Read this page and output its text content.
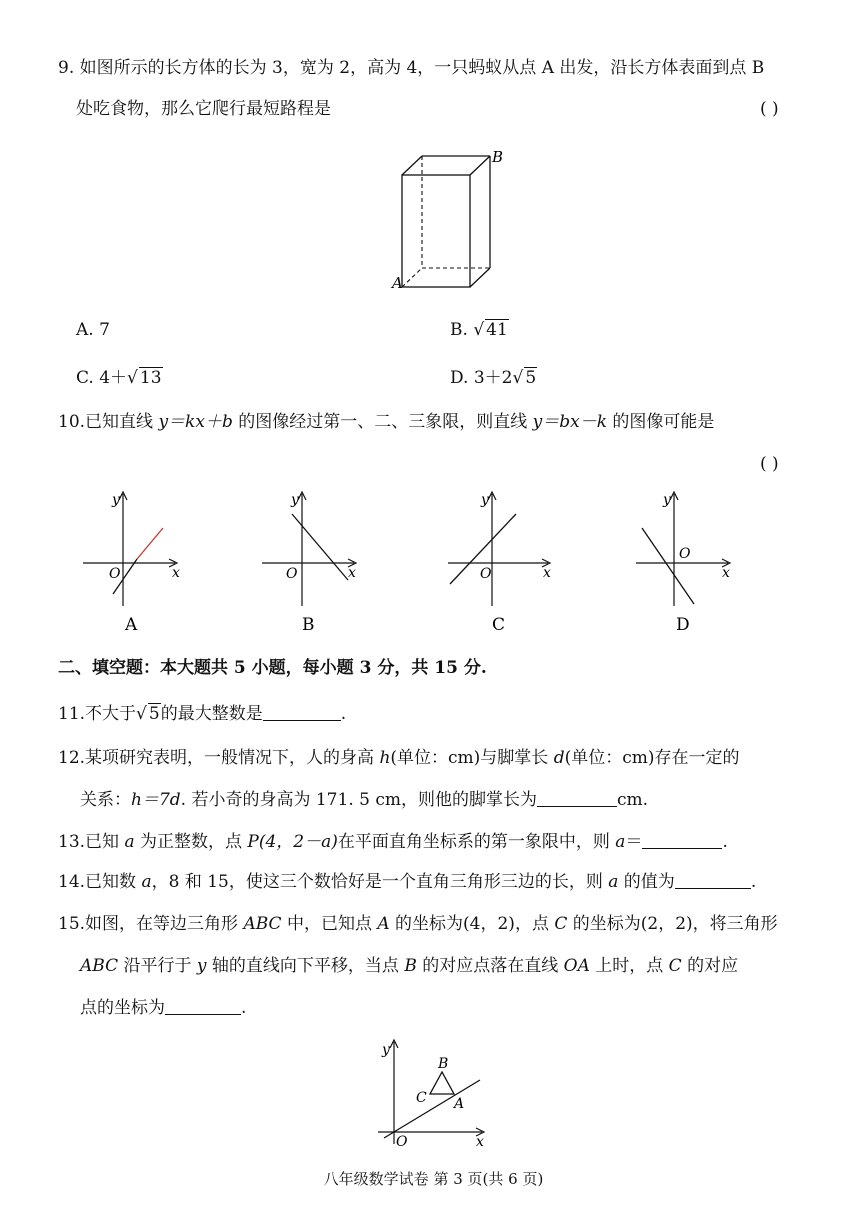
9. 如图所示的长方体的长为 3，宽为 2，高为 4，一只蚂蚁从点 A 出发，沿长方体表面到点 B
处吃食物，那么它爬行最短路程是	( )
B
A
A. 7	B. √ 41
C. 4＋√ 13	D. 3＋2√ 5
10.已知直线 y＝kx＋b 的图像经过第一、二、三象限，则直线 y＝bx－k 的图像可能是
( )
y
x
O
A
y
x
O
B
y
x
O
C
y
x
O
D
二、填空题：本大题共 5 小题，每小题 3 分，共 15 分.
11.不大于√ 5的最大整数是	.
12.某项研究表明，一般情况下，人的身高 h(单位：cm)与脚掌长 d(单位：cm)存在一定的
关系：h＝7d. 若小奇的身高为 171. 5 cm，则他的脚掌长为	cm.
13.已知 a 为正整数，点 P(4，2－a)在平面直角坐标系的第一象限中，则 a＝	.
14.已知数 a，8 和 15，使这三个数恰好是一个直角三角形三边的长，则 a 的值为	.
15.如图，在等边三角形 ABC 中，已知点 A 的坐标为(4，2)，点 C 的坐标为(2，2)，将三角形
ABC 沿平行于 y 轴的直线向下平移，当点 B 的对应点落在直线 OA 上时，点 C 的对应
点的坐标为	.
y
x
O
B
C A
八年级数学试卷 第 3 页(共 6 页)
